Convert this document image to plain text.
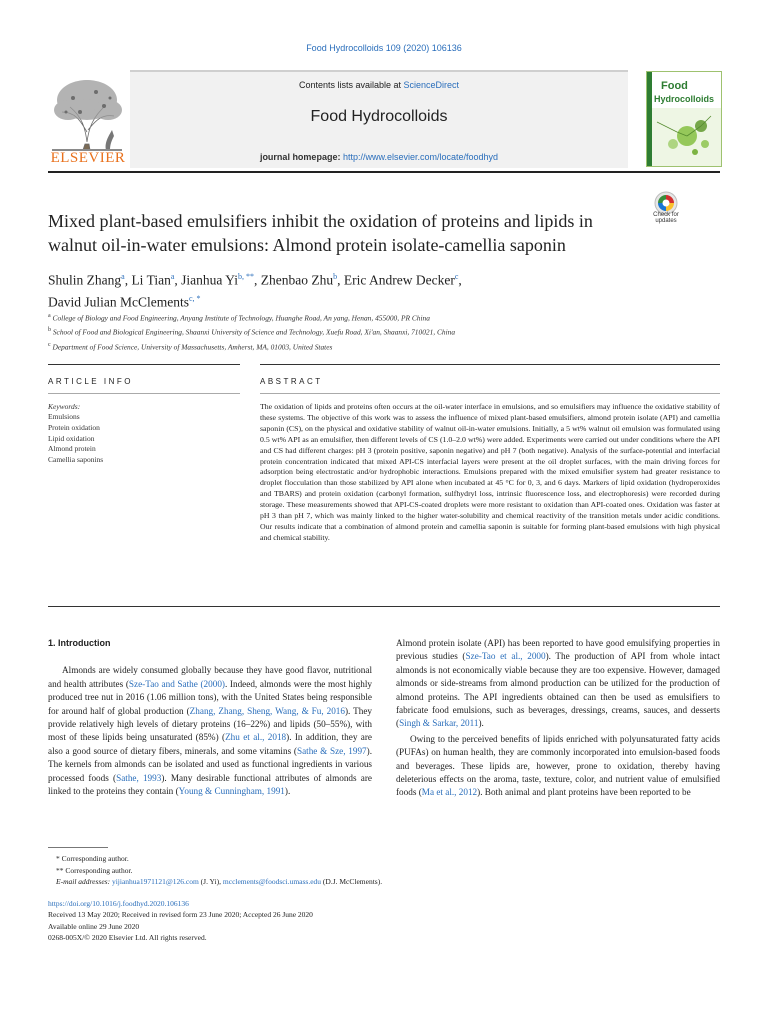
Food Hydrocolloids 109 (2020) 106136
ELSEVIER
Contents lists available at ScienceDirect
Food Hydrocolloids
journal homepage: http://www.elsevier.com/locate/foodhyd
Food
Hydrocolloids
Mixed plant-based emulsifiers inhibit the oxidation of proteins and lipids in walnut oil-in-water emulsions: Almond protein isolate-camellia saponin
Check for updates
Shulin Zhang$^a$, Li Tian$^a$, Jianhua $Yi^{b, **}$, Zhenbao Zhu$^b$, Eric Andrew Decker$^c$,
David Julian McClements$^{c, *}$
$^a$ College of Biology and Food Engineering, Anyang Institute of Technology, Huanghe Road, An yang, Henan, 455000, PR China
$^b$ School of Food and Biological Engineering, Shaanxi University of Science and Technology, Xuefu Road, Xi'an, Shaanxi, 710021, China
$^c$ Department of Food Science, University of Massachusetts, Amherst, MA, 01003, United States
ARTICLE INFO	ABSTRACT
Keywords:
Emulsions
Protein oxidation
Lipid oxidation
Almond protein
Camellia saponins
The oxidation of lipids and proteins often occurs at the oil-water interface in emulsions, and so emulsifiers may influence the oxidative stability of these systems. The objective of this work was to assess the influence of mixed plant-based emulsifiers, almond protein isolate (API) and camellia saponin (CS), on the physical and oxidative stability of walnut oil-in-water emulsions. Initially, a 5 wt% walnut oil emulsion was formulated using 0.5 wt% API as an emulsifier, then different levels of CS (1.0–2.0 wt%) were added. Experiments were carried out under conditions where the API and CS had different charges: pH 3 (protein positive, saponin negative) and pH 7 (both negative). Analysis of the surface-potential and interfacial protein concentration indicated that mixed API-CS interfacial layers were present at the oil droplet surfaces, with the main driving forces for adsorption being electrostatic and/or hydrophobic interactions. Emulsions prepared with the mixed emulsifier system had greater resistance to droplet flocculation than those stabilized by API alone when incubated at 45 °C for 0, 3, and 6 days. Markers of lipid oxidation (hydroperoxides and TBARS) and protein oxidation (carbonyl formation, sulfhydryl loss, intrinsic fluorescence loss, and electrophoresis) were recorded during storage. These measurements showed that API-CS-coated droplets were more resistant to oxidation than API-coated ones. Oxidation was faster at pH 3 than pH 7, which was mainly linked to the higher water-solubility and chemical reactivity of the transition metals under acidic conditions. Our results indicate that a combination of almond protein and camellia saponin is suitable for forming plant-based emulsions with high physical and chemical stability.
1. Introduction

Almonds are widely consumed globally because they have good flavor, nutritional and health attributes (Sze-Tao and Sathe (2000). Indeed, almonds were the most highly produced tree nut in 2016 (1.06 million tons), with the United States being responsible for around half of global production (Zhang, Zhang, Sheng, Wang, & Fu, 2016). They provide relatively high levels of dietary proteins (16–22%) and lipids (50–55%), with most of these lipids being unsaturated (85%) (Zhu et al., 2018). In addition, they are also a good source of dietary fibers, minerals, and some vitamins (Sathe & Sze, 1997). The kernels from almonds can be isolated and used as functional ingredients in various processed foods (Sathe, 1993). Many desirable functional attributes of almonds are linked to the proteins they contain (Young & Cunningham, 1991).

Almond protein isolate (API) has been reported to have good emulsifying properties in previous studies (Sze-Tao et al., 2000). The production of API from whole intact almonds is not economically viable because they are too expensive. However, damaged almonds or side-streams from almond production can be utilized for the production of almond proteins. The API ingredients obtained can then be used as emulsifiers to fabricate food emulsions, such as beverages, dressings, creams, sauces, and desserts (Singh & Sarkar, 2011).

Owing to the perceived benefits of lipids enriched with polyunsaturated fatty acids (PUFAs) on human health, they are commonly incorporated into emulsion-based foods and beverages. These lipids are, however, prone to oxidation, thereby having deleterious effects on the aroma, taste, texture, color, and nutrient value of emulsified foods (Ma et al., 2012). Both animal and plant proteins have been reported to be

* Corresponding author.
** Corresponding author.
E-mail addresses: yijianhua1971121@126.com (J. Yi), mcclements@foodsci.umass.edu (D.J. McClements).
https://doi.org/10.1016/j.foodhyd.2020.106136
Received 13 May 2020; Received in revised form 23 June 2020; Accepted 26 June 2020
Available online 29 June 2020
0268-005X/© 2020 Elsevier Ltd. All rights reserved.
